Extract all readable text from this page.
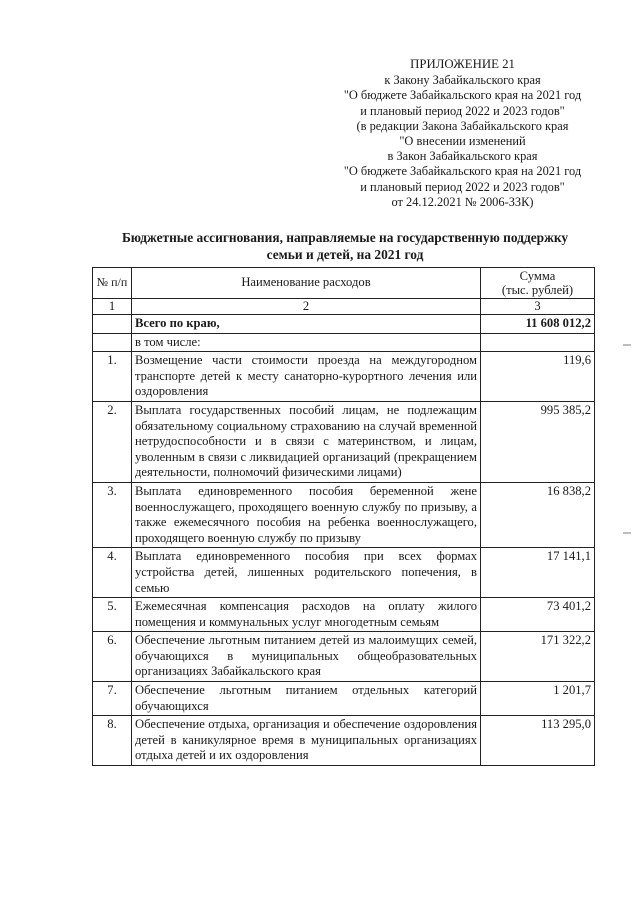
ПРИЛОЖЕНИЕ 21
к Закону Забайкальского края
"О бюджете Забайкальского края на 2021 год
и плановый период 2022 и 2023 годов"
(в редакции Закона Забайкальского края
"О внесении изменений
в Закон Забайкальского края
"О бюджете Забайкальского края на 2021 год
и плановый период 2022 и 2023 годов"
от 24.12.2021 № 2006-ЗЗК)
Бюджетные ассигнования, направляемые на государственную поддержку
семьи и детей, на 2021 год
№ п/п	Наименование расходов	Сумма
(тыс. рублей)

1	2	3
	Всего по краю,	11 608 012,2
	в том числе:	
1.	Возмещение части стоимости проезда на междугородном транспорте детей к месту санаторно-курортного лечения или оздоровления	119,6
2.	Выплата государственных пособий лицам, не подлежащим обязательному социальному страхованию на случай временной нетрудоспособности и в связи с материнством, и лицам, уволенным в связи с ликвидацией организаций (прекращением деятельности, полномочий физическими лицами)	995 385,2
3.	Выплата единовременного пособия беременной жене военнослужащего, проходящего военную службу по призыву, а также ежемесячного пособия на ребенка военнослужащего, проходящего военную службу по призыву	16 838,2
4.	Выплата единовременного пособия при всех формах устройства детей, лишенных родительского попечения, в семью	17 141,1
5.	Ежемесячная компенсация расходов на оплату жилого помещения и коммунальных услуг многодетным семьям	73 401,2
6.	Обеспечение льготным питанием детей из малоимущих семей, обучающихся в муниципальных общеобразовательных организациях Забайкальского края	171 322,2
7.	Обеспечение льготным питанием отдельных категорий обучающихся	1 201,7
8.	Обеспечение отдыха, организация и обеспечение оздоровления детей в каникулярное время в муниципальных организациях отдыха детей и их оздоровления	113 295,0
